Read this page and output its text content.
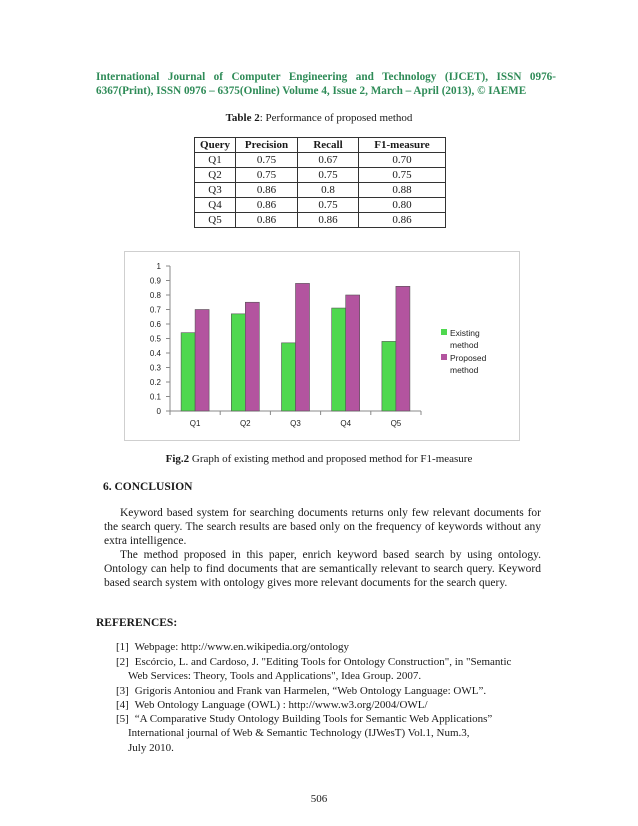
International Journal of Computer Engineering and Technology (IJCET), ISSN 0976-
6367(Print), ISSN 0976 – 6375(Online) Volume 4, Issue 2, March – April (2013), © IAEME
Table 2: Performance of proposed method
Query	Precision	Recall	F1-measure
Q1	0.75	0.67	0.70
Q2	0.75	0.75	0.75
Q3	0.86	0.8	0.88
Q4	0.86	0.75	0.80
Q5	0.86	0.86	0.86
0
0.1
0.2
0.3
0.4
0.5
0.6
0.7
0.8
0.9
1
Q1	Q2	Q3	Q4	Q5
Existing
method
Proposed
method
Fig.2 Graph of existing method and proposed method for F1-measure
6. CONCLUSION

Keyword based system for searching documents returns only few relevant documents for the search query. The search results are based only on the frequency of keywords without any extra intelligence.

The method proposed in this paper, enrich keyword based search by using ontology. Ontology can help to find documents that are semantically relevant to search query. Keyword based search system with ontology gives more relevant documents for the search query.

REFERENCES:

[1] Webpage: http://www.en.wikipedia.org/ontology

[2] Escórcio, L. and Cardoso, J. "Editing Tools for Ontology Construction", in "Semantic
Web Services: Theory, Tools and Applications", Idea Group. 2007.

[3] Grigoris Antoniou and Frank van Harmelen, “Web Ontology Language: OWL”.

[4] Web Ontology Language (OWL) : http://www.w3.org/2004/OWL/

[5] “A Comparative Study Ontology Building Tools for Semantic Web Applications”
International journal of Web & Semantic Technology (IJWesT) Vol.1, Num.3,
July 2010.

506
